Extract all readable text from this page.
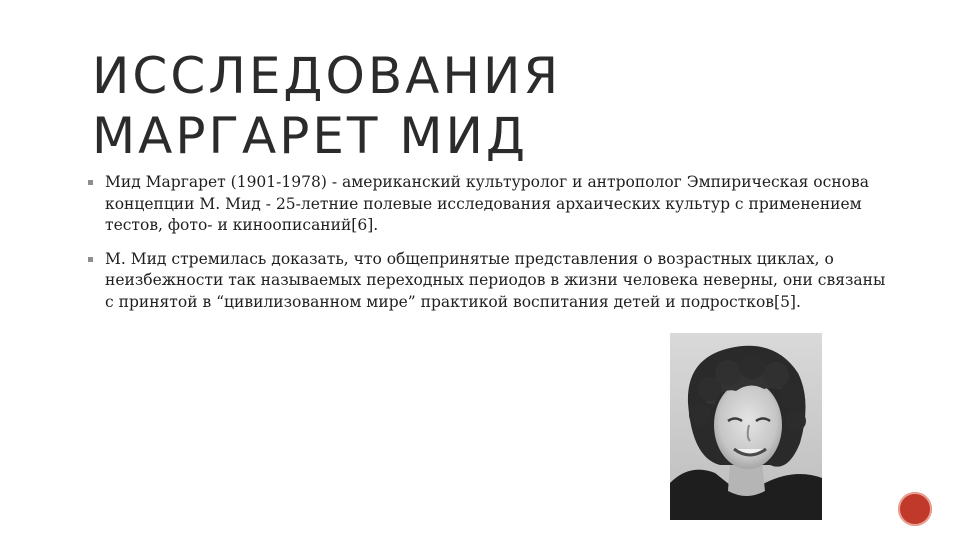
ИССЛЕДОВАНИЯ МАРГАРЕТ МИД
Мид Маргарет (1901-1978) - американский культуролог и антрополог Эмпирическая основа концепции М. Мид - 25-летние полевые исследования архаических культур с применением тестов, фото- и киноописаний[6].
М. Мид стремилась доказать, что общепринятые представления о возрастных циклах, о неизбежности так называемых переходных периодов в жизни человека неверны, они связаны с принятой в “цивилизованном мире” практикой воспитания детей и подростков[5].
